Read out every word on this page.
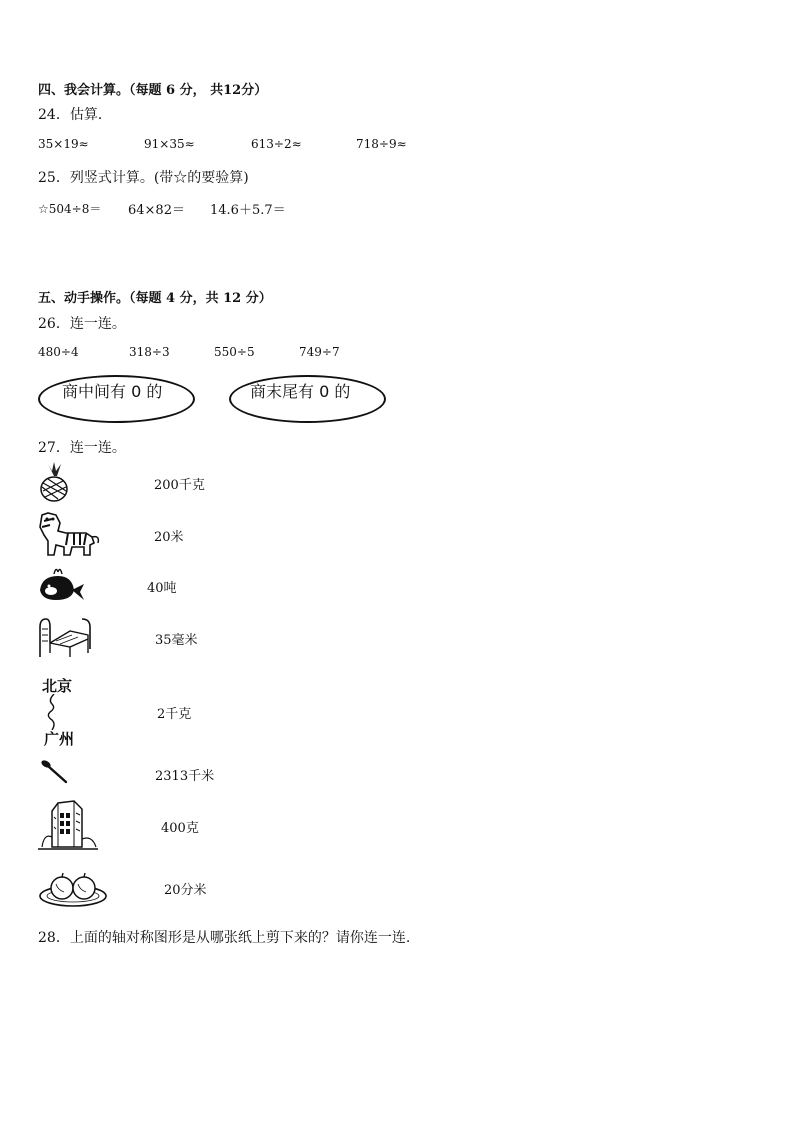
四、我会计算。（每题 6 分， 共12分）
24．估算．
35×19≈	91×35≈	613÷2≈	718÷9≈
25．列竖式计算。(带☆的要验算)
☆504÷8＝ 64×82＝ 14.6＋5.7＝
五、动手操作。（每题 4 分，共 12 分）
26．连一连。
480÷4	318÷3	550÷5	749÷7
商中间有 0 的	商末尾有 0 的
27．连一连。
200千克
20米
40吨
35毫米
北京
广州
2千克
2313千米
400克
20分米
28．上面的轴对称图形是从哪张纸上剪下来的？请你连一连.
